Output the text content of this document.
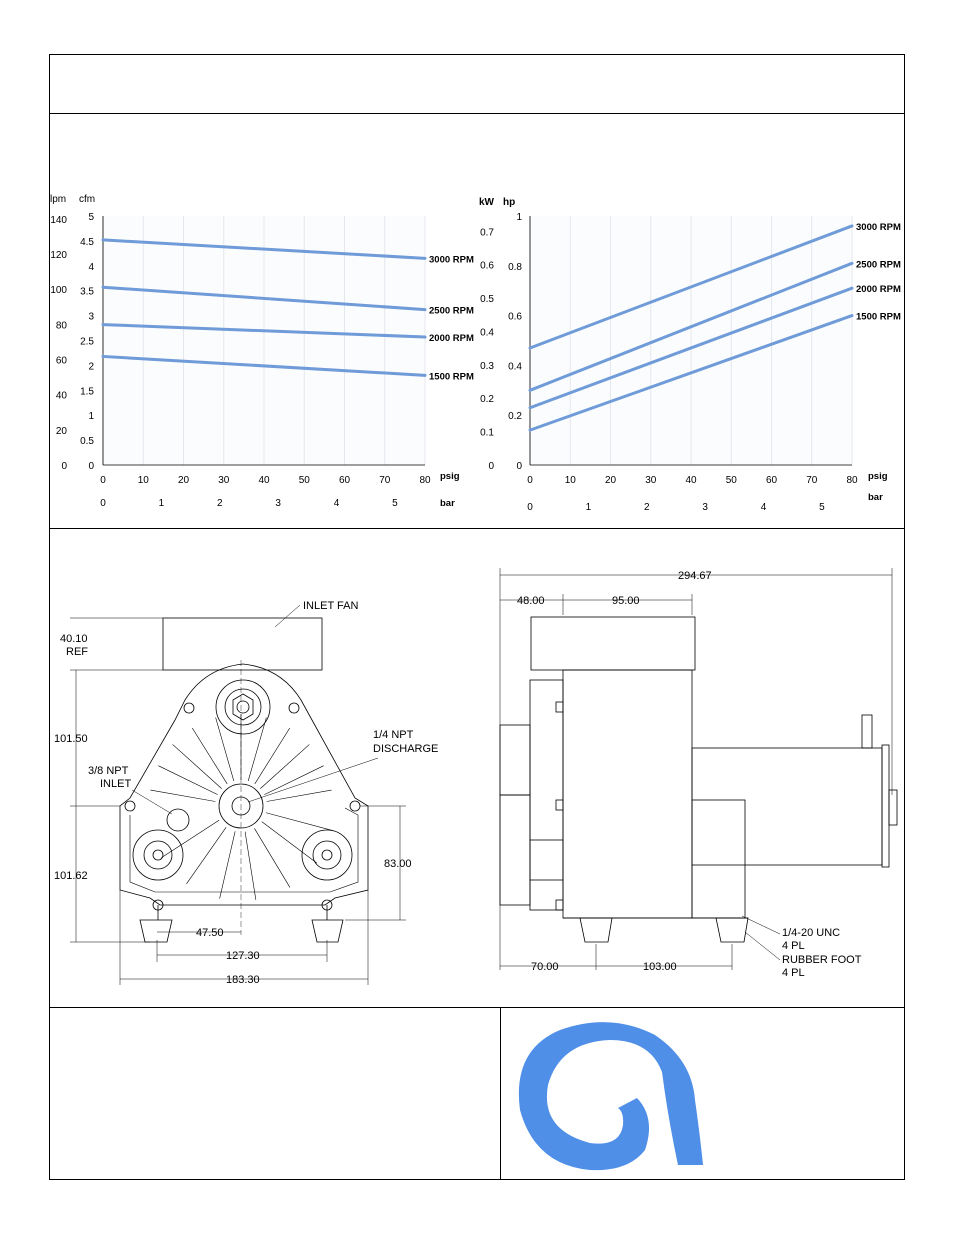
lpm cfm
140
120
100
80
60
40
20
0
5
4.5
4
3.5
3
2.5
2
1.5
1
0.5
0
0	10	20	30	40	50	60	70	80
0	1	2	3	4	5
psig
bar
3000 RPM
2500 RPM
2000 RPM
1500 RPM
kW hp
0.7
0.6
0.5
0.4
0.3
0.2
0.1
0
1
0.8
0.6
0.4
0.2
0
0	10	20	30	40	50	60	70	80
0	1	2	3	4	5
psig
bar
3000 RPM
2500 RPM
2000 RPM
1500 RPM
INLET FAN
40.10
REF
101.50
101.62
1/4 NPT
DISCHARGE
3/8 NPT
INLET
83.00
47.50
127.30
183.30
294.67
48.00	95.00
70.00	103.00
1/4-20 UNC
4 PL
RUBBER FOOT
4 PL
